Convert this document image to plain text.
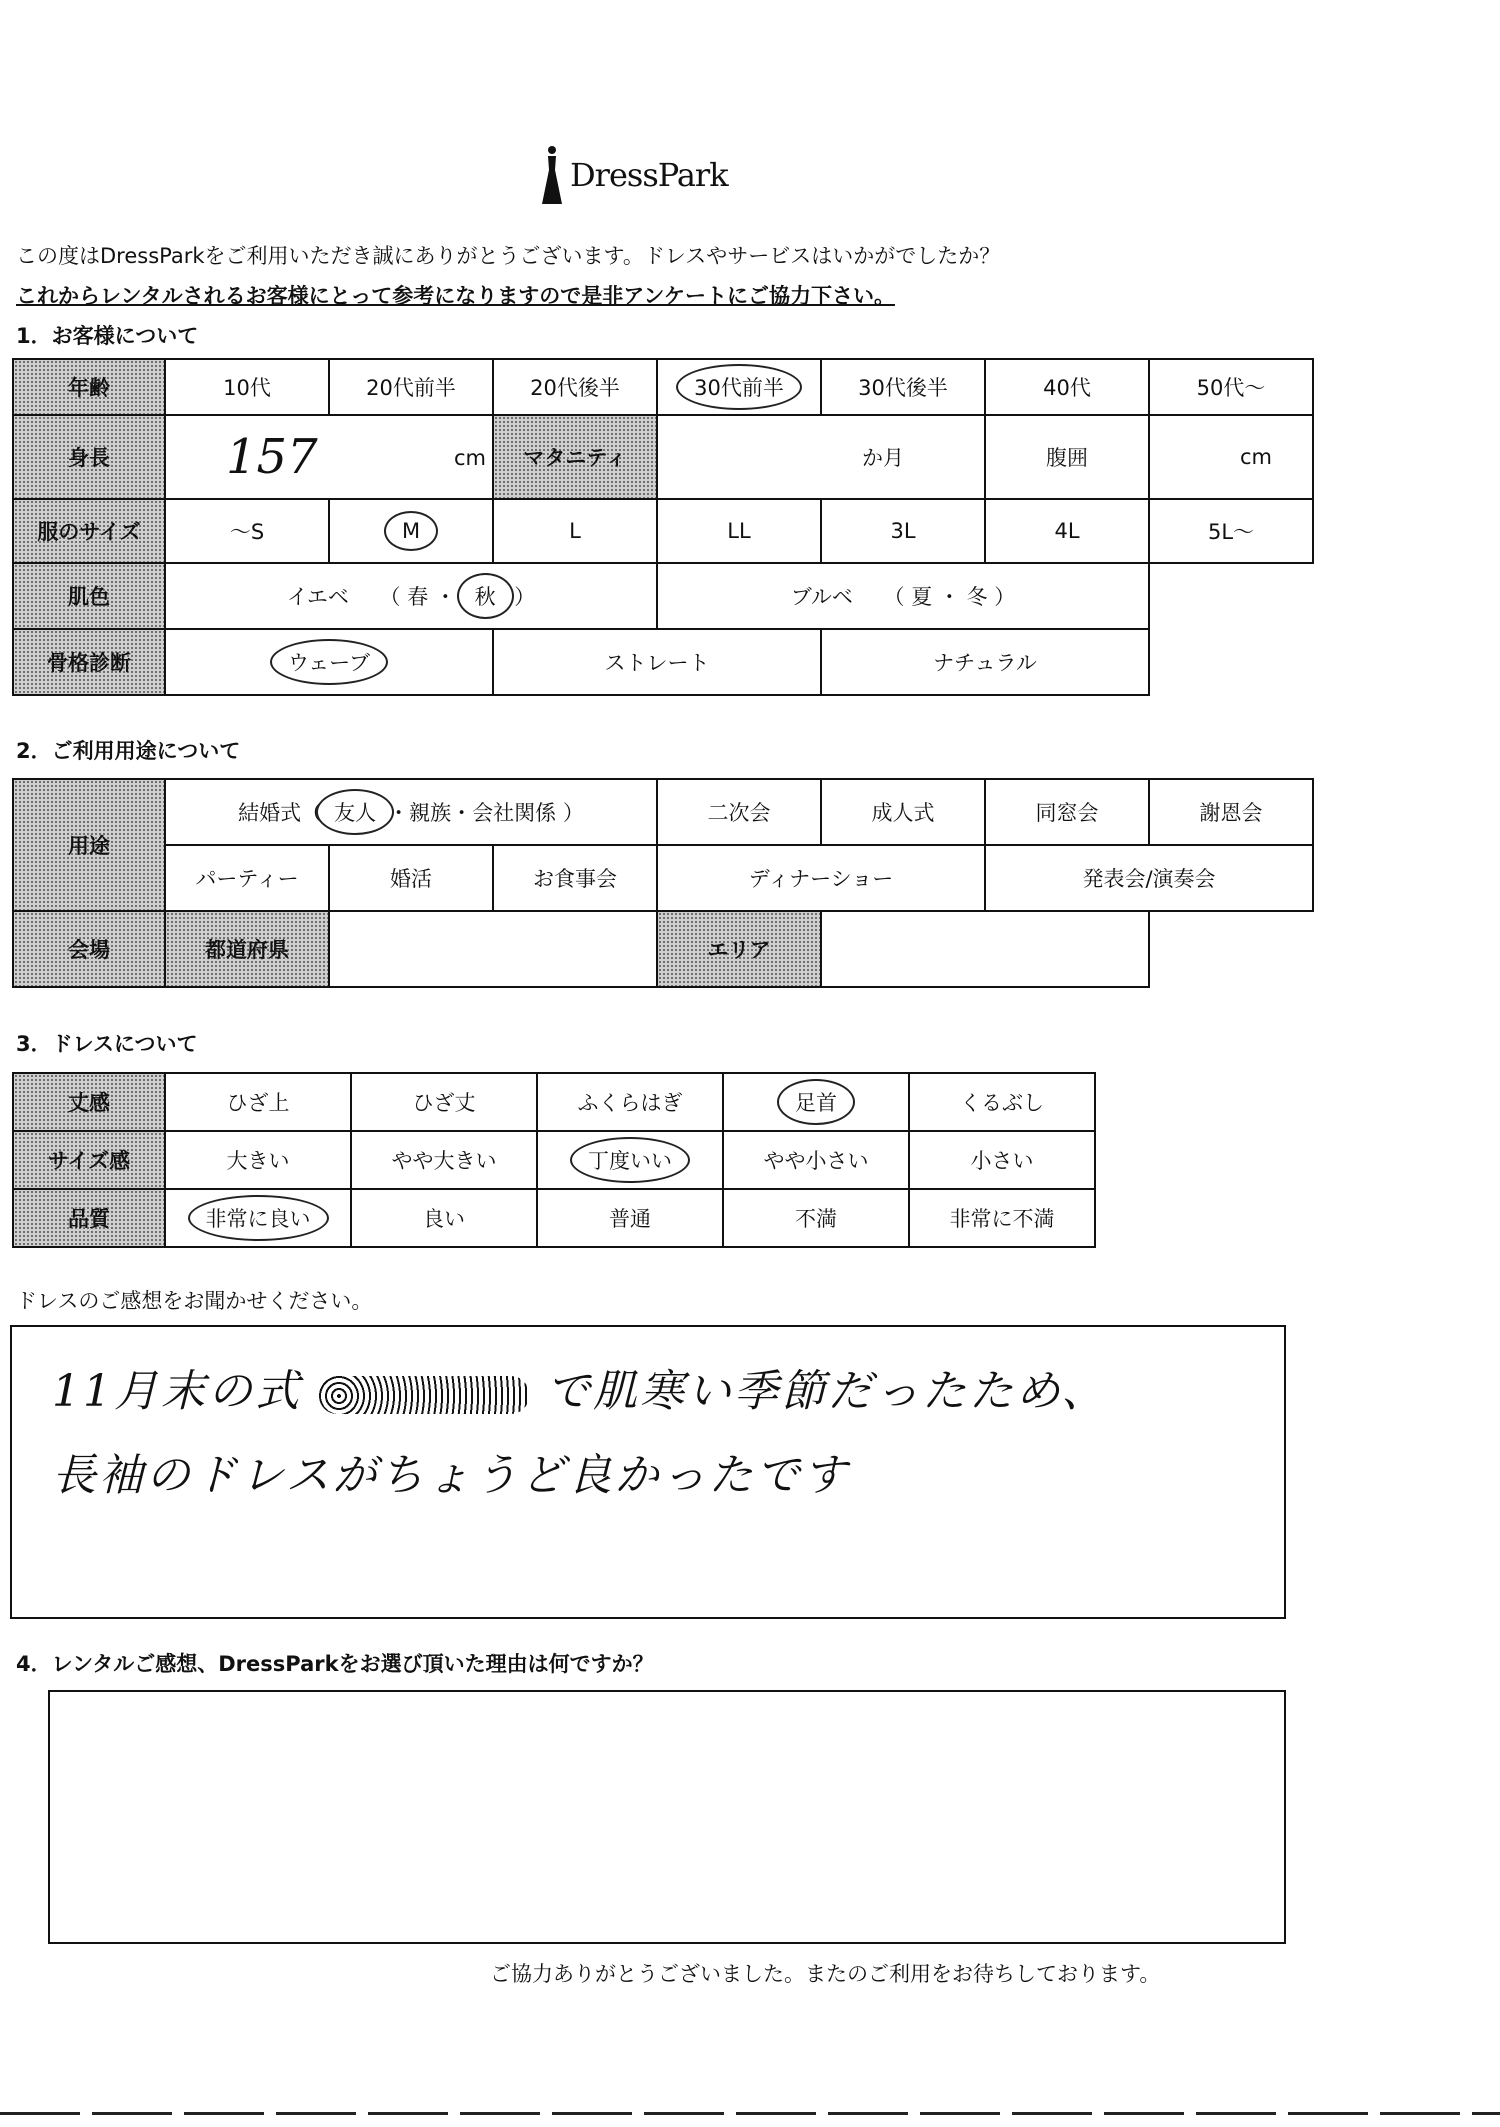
DressPark
この度はDressParkをご利用いただき誠にありがとうございます。ドレスやサービスはいかがでしたか？
これからレンタルされるお客様にとって参考になりますので是非アンケートにご協力下さい。
1．お客様について
年齢	10代	20代前半	20代後半	30代前半	30代後半	40代	50代～
身長	157 cm		マタニティ	か月		腹囲	cm
服のサイズ	～S	M	L	LL	3L	4L	5L～
肌色	イエベ （ 春 ・ 秋 ）			ブルベ （ 夏 ・ 冬 ）			
骨格診断	ウェーブ		ストレート		ナチュラル		
2．ご利用用途について
用途	結婚式（ 友人 ・親族・会社関係 ）			二次会	成人式	同窓会	謝恩会
	パーティー	婚活	お食事会	ディナーショー		発表会/演奏会	
会場	都道府県			エリア			
3．ドレスについて
丈感	ひざ上	ひざ丈	ふくらはぎ	足首	くるぶし
サイズ感	大きい	やや大きい	丁度いい	やや小さい	小さい
品質	非常に良い	良い	普通	不満	非常に不満
ドレスのご感想をお聞かせください。
11月末の式	で肌寒い季節だったため、
長袖のドレスがちょうど良かったです
4．レンタルご感想、DressParkをお選び頂いた理由は何ですか？
ご協力ありがとうございました。またのご利用をお待ちしております。
